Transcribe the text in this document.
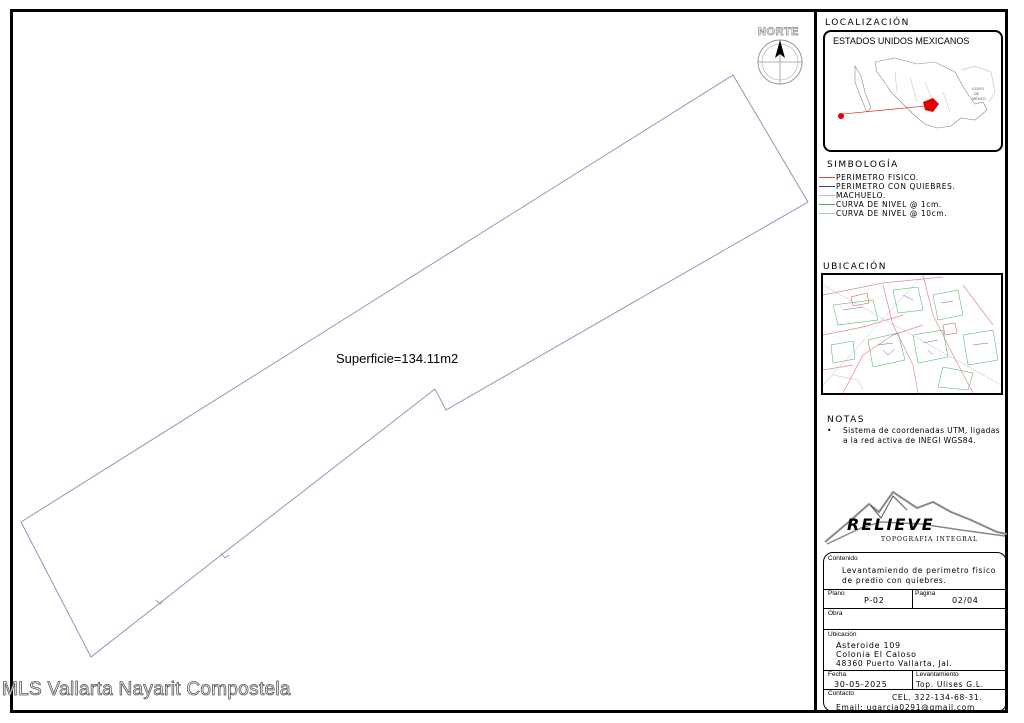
Superficie=134.11m2
NORTE
LOCALIZACIÓN
ESTADOS UNIDOS MEXICANOS
GOLFO
DE
MÉXICO
SIMBOLOGÍA
PERIMETRO FISICO.
PERIMETRO CON QUIEBRES.
MACHUELO.
CURVA DE NIVEL @ 1cm.
CURVA DE NIVEL @ 10cm.
UBICACIÓN
NOTAS
• Sistema de coordenadas UTM, ligadas a la red activa de INEGI WGS84.
RELIEVE
TOPOGRAFIA INTEGRAL
Contenido
Levantamiendo de perimetro fisico de predio con quiebres.
Plano
P-02
Pagina
02/04
Obra
Ubicación
Asteroide 109
Colonia El Caloso
48360 Puerto Vallarta, Jal.
Fecha
30-05-2025
Levantamiento
Top. Ulises G.L.
Contacto	CEL. 322-134-68-31.
Email: ugarcia0291@gmail.com
MLS Vallarta Nayarit Compostela
